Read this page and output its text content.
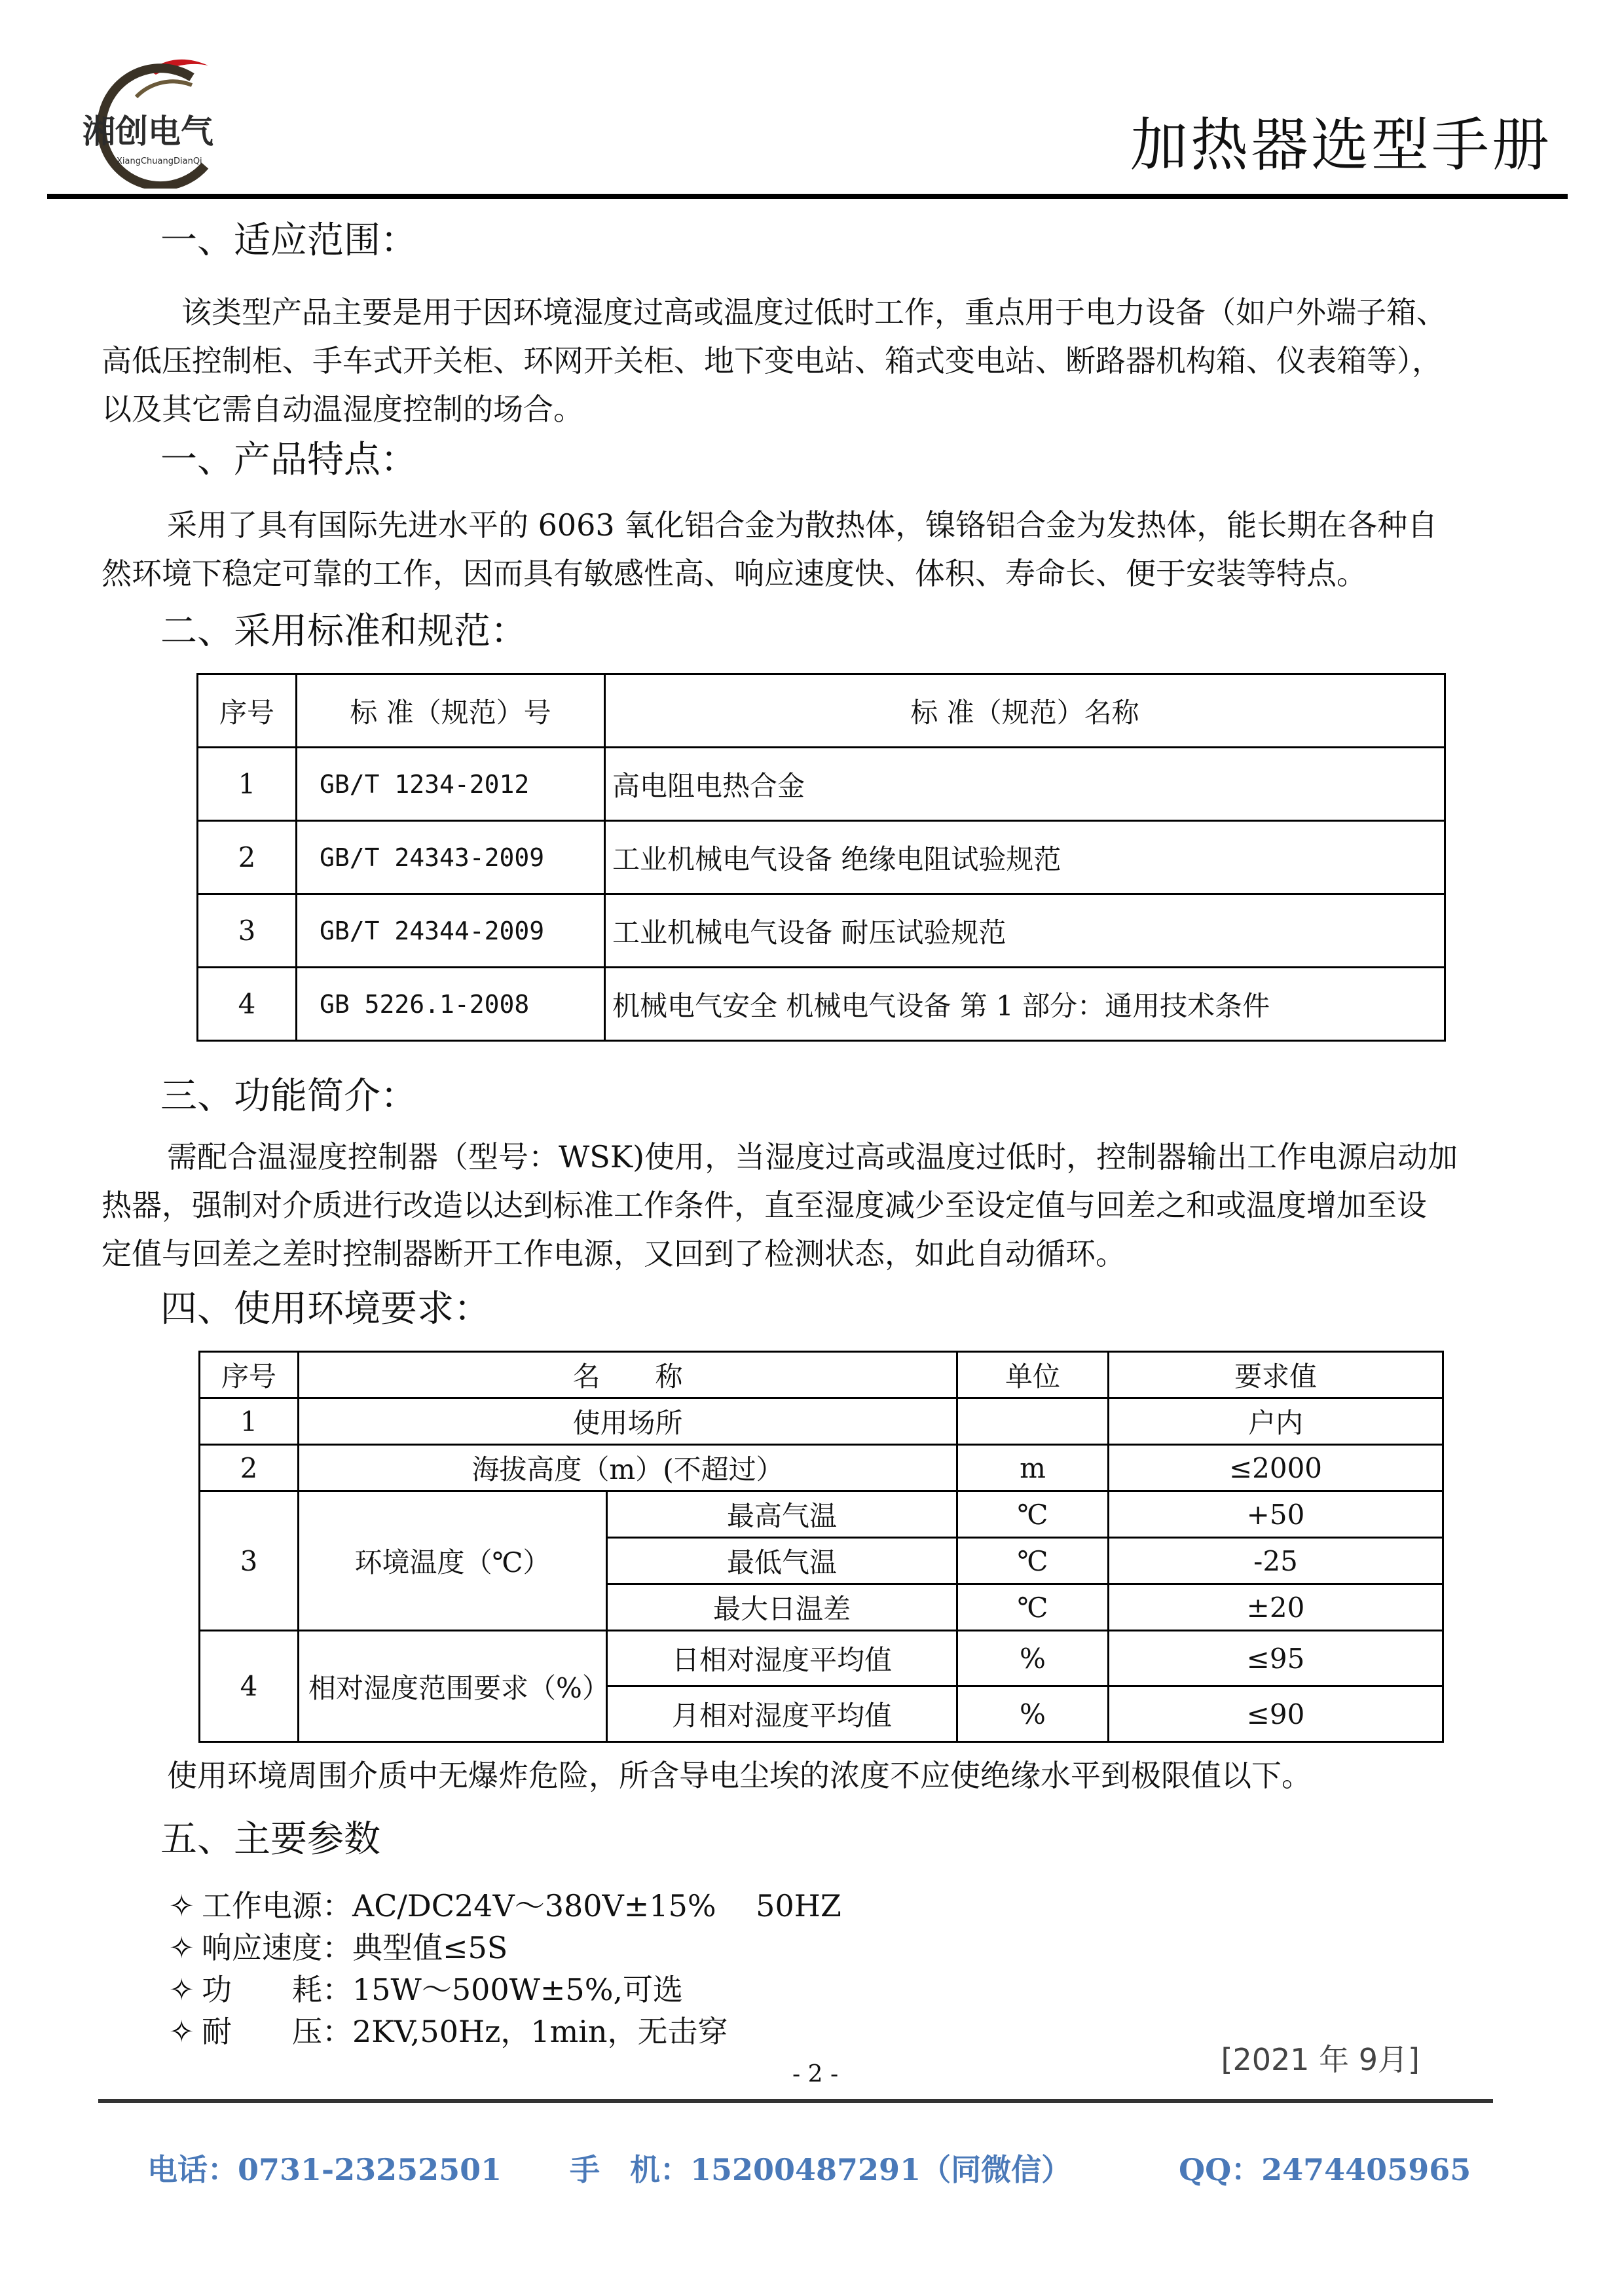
湘创电气
XiangChuangDianQi	加热器选型手册
一、适应范围：
该类型产品主要是用于因环境湿度过高或温度过低时工作，重点用于电力设备（如户外端子箱、
高低压控制柜、手车式开关柜、环网开关柜、地下变电站、箱式变电站、断路器机构箱、仪表箱等），
以及其它需自动温湿度控制的场合。
一、产品特点：
采用了具有国际先进水平的 6063 氧化铝合金为散热体，镍铬铝合金为发热体，能长期在各种自
然环境下稳定可靠的工作，因而具有敏感性高、响应速度快、体积、寿命长、便于安装等特点。
二、采用标准和规范：
序号	标 准（规范）号	标 准（规范）名称
1	GB/T 1234-2012	高电阻电热合金
2	GB/T 24343-2009	工业机械电气设备 绝缘电阻试验规范
3	GB/T 24344-2009	工业机械电气设备 耐压试验规范
4	GB 5226.1-2008	机械电气安全 机械电气设备 第 1 部分：通用技术条件
三、功能简介：
需配合温湿度控制器（型号：WSK)使用，当湿度过高或温度过低时，控制器输出工作电源启动加
热器，强制对介质进行改造以达到标准工作条件，直至湿度减少至设定值与回差之和或温度增加至设
定值与回差之差时控制器断开工作电源，又回到了检测状态，如此自动循环。
四、使用环境要求：
序号	名　　称		单位	要求值
1	使用场所			户内
2	海拔高度（m）(不超过）		m	≤2000
3	环境温度（℃）	最高气温	℃	+50
		最低气温	℃	-25
		最大日温差	℃	±20
4	相对湿度范围要求（%）	日相对湿度平均值	%	≤95
		月相对湿度平均值	%	≤90
使用环境周围介质中无爆炸危险，所含导电尘埃的浓度不应使绝缘水平到极限值以下。
五、主要参数
✧ 工作电源：AC/DC24V～380V±15%　 50HZ
✧ 响应速度：典型值≤5S
✧ 功　　耗：15W～500W±5%,可选
✧ 耐　　压：2KV,50Hz，1min，无击穿
[2021 年 9月]
- 2 -
电话：0731-23252501 手　机：15200487291（同微信）	QQ：2474405965
